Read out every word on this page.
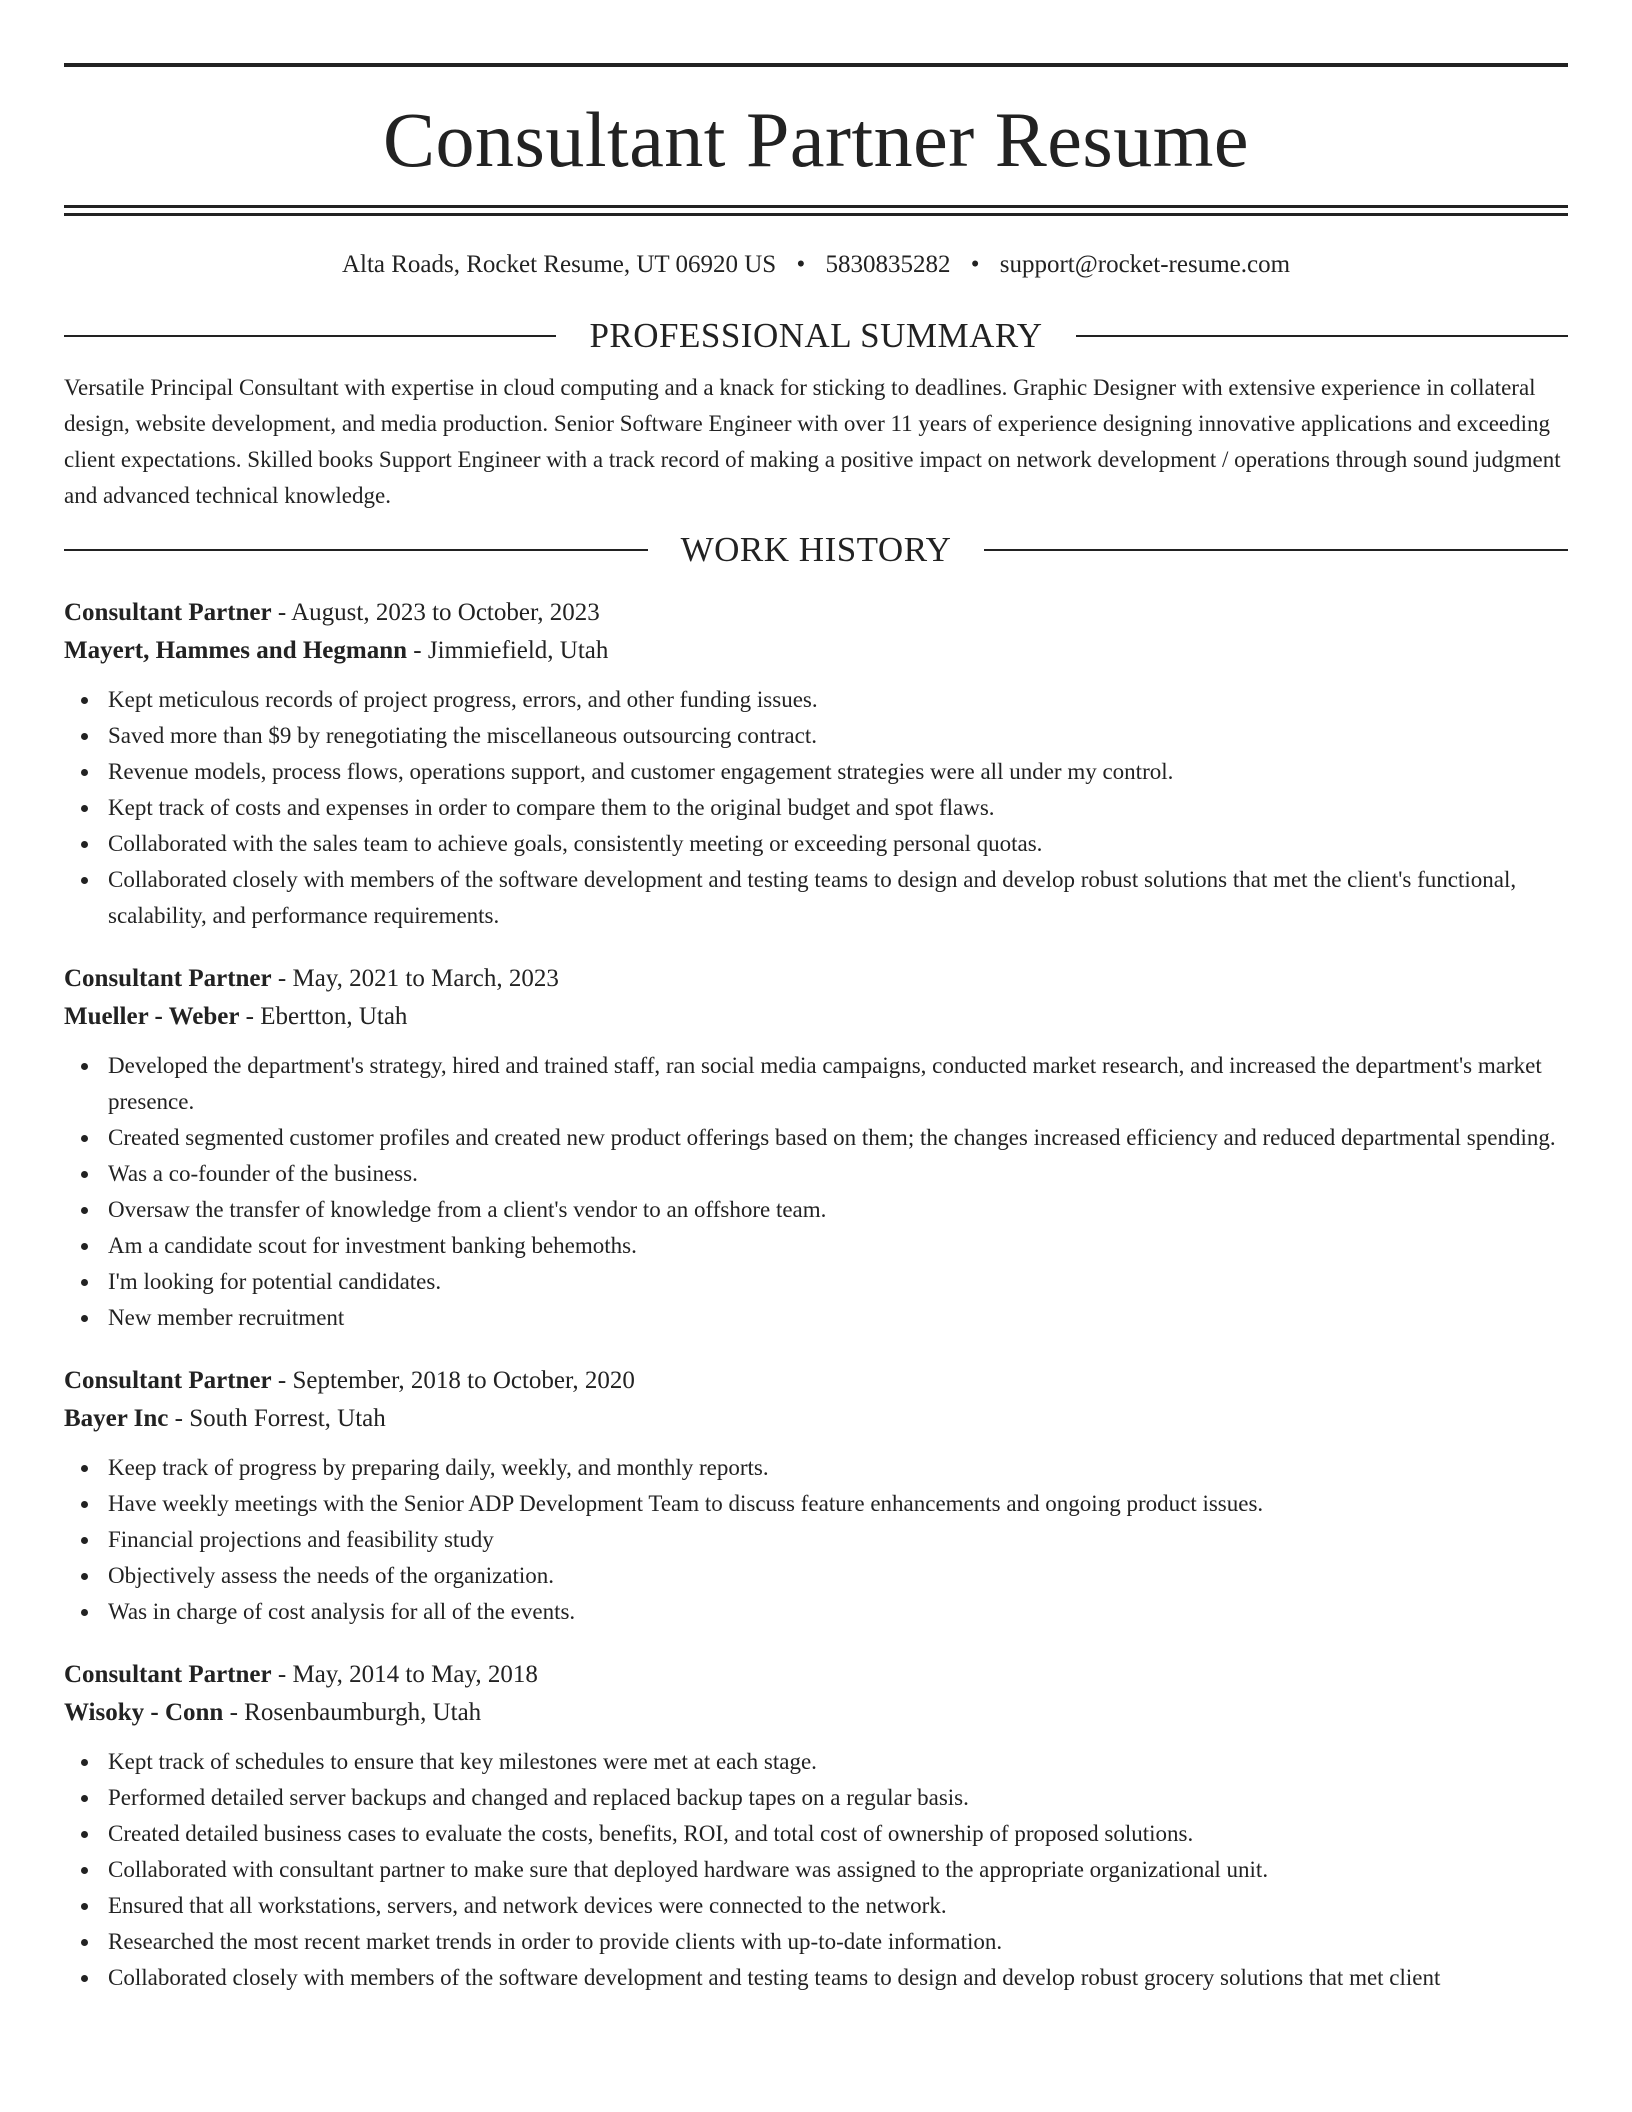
Consultant Partner Resume
Alta Roads, Rocket Resume, UT 06920 US • 5830835282 • support@rocket-resume.com
PROFESSIONAL SUMMARY

Versatile Principal Consultant with expertise in cloud computing and a knack for sticking to deadlines. Graphic Designer with extensive experience in collateral design, website development, and media production. Senior Software Engineer with over 11 years of experience designing innovative applications and exceeding client expectations. Skilled books Support Engineer with a track record of making a positive impact on network development / operations through sound judgment and advanced technical knowledge.

WORK HISTORY
Consultant Partner - August, 2023 to October, 2023
Mayert, Hammes and Hegmann - Jimmiefield, Utah
Kept meticulous records of project progress, errors, and other funding issues.
Saved more than $9 by renegotiating the miscellaneous outsourcing contract.
Revenue models, process flows, operations support, and customer engagement strategies were all under my control.
Kept track of costs and expenses in order to compare them to the original budget and spot flaws.
Collaborated with the sales team to achieve goals, consistently meeting or exceeding personal quotas.
Collaborated closely with members of the software development and testing teams to design and develop robust solutions that met the client's functional, scalability, and performance requirements.
Consultant Partner - May, 2021 to March, 2023
Mueller - Weber - Ebertton, Utah
Developed the department's strategy, hired and trained staff, ran social media campaigns, conducted market research, and increased the department's market presence.
Created segmented customer profiles and created new product offerings based on them; the changes increased efficiency and reduced departmental spending.
Was a co-founder of the business.
Oversaw the transfer of knowledge from a client's vendor to an offshore team.
Am a candidate scout for investment banking behemoths.
I'm looking for potential candidates.
New member recruitment
Consultant Partner - September, 2018 to October, 2020
Bayer Inc - South Forrest, Utah
Keep track of progress by preparing daily, weekly, and monthly reports.
Have weekly meetings with the Senior ADP Development Team to discuss feature enhancements and ongoing product issues.
Financial projections and feasibility study
Objectively assess the needs of the organization.
Was in charge of cost analysis for all of the events.
Consultant Partner - May, 2014 to May, 2018
Wisoky - Conn - Rosenbaumburgh, Utah
Kept track of schedules to ensure that key milestones were met at each stage.
Performed detailed server backups and changed and replaced backup tapes on a regular basis.
Created detailed business cases to evaluate the costs, benefits, ROI, and total cost of ownership of proposed solutions.
Collaborated with consultant partner to make sure that deployed hardware was assigned to the appropriate organizational unit.
Ensured that all workstations, servers, and network devices were connected to the network.
Researched the most recent market trends in order to provide clients with up-to-date information.
Collaborated closely with members of the software development and testing teams to design and develop robust grocery solutions that met client
